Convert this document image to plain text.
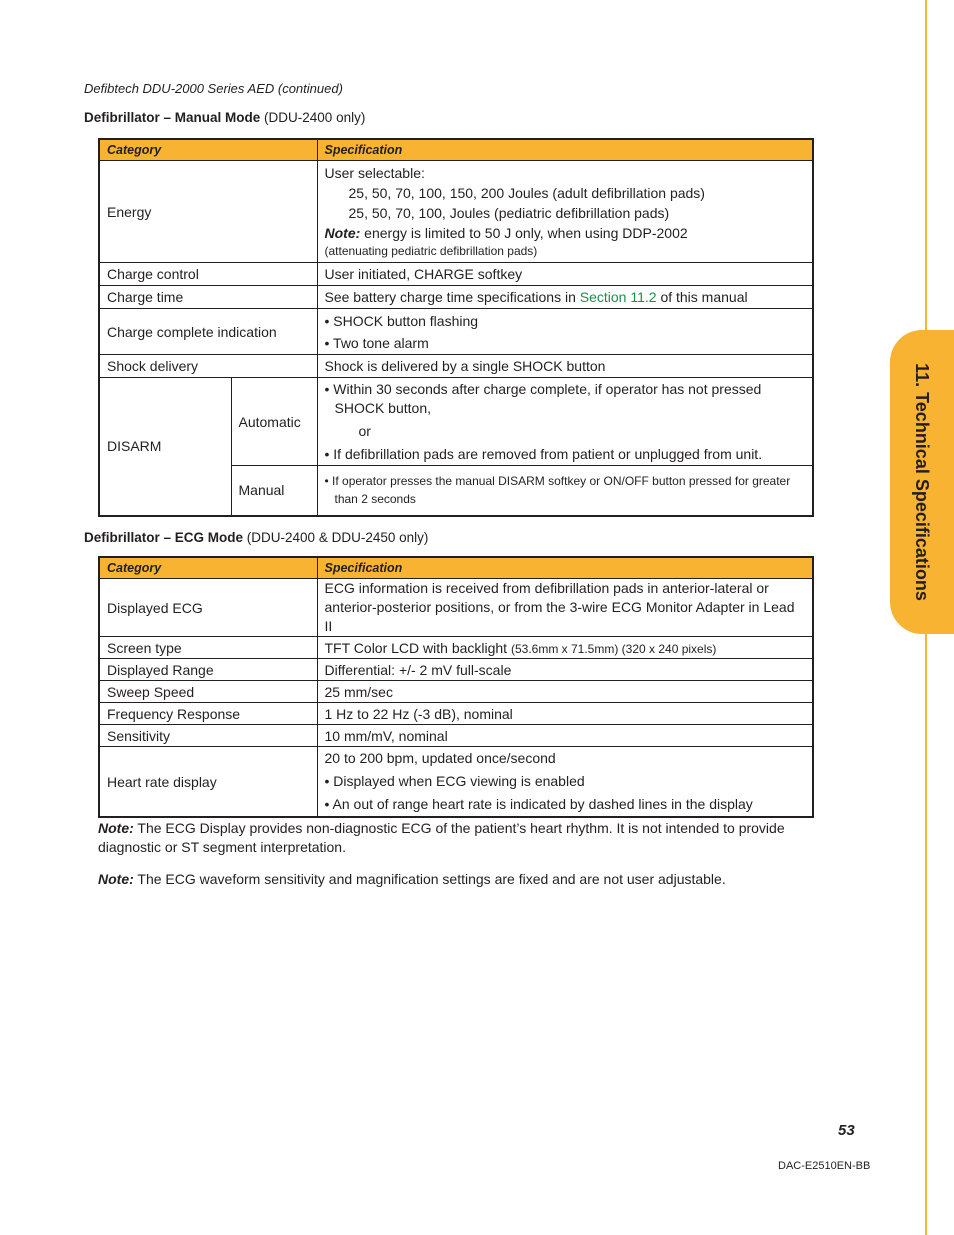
11. Technical Specifications
Defibtech DDU-2000 Series AED (continued)
Defibrillator – Manual Mode (DDU-2400 only)
Category		Specification
Energy		User selectable:
25, 50, 70, 100, 150, 200 Joules (adult defibrillation pads)
25, 50, 70, 100, Joules (pediatric defibrillation pads)
Note: energy is limited to 50 J only, when using DDP-2002
(attenuating pediatric defibrillation pads)

Charge control		User initiated, CHARGE softkey
Charge time		See battery charge time specifications in Section 11.2 of this manual
Charge complete indication		• SHOCK button flashing
• Two tone alarm

Shock delivery		Shock is delivered by a single SHOCK button
DISARM	Automatic	• Within 30 seconds after charge complete, if operator has not pressed SHOCK button,
or
• If defibrillation pads are removed from patient or unplugged from unit.

	Manual	• If operator presses the manual DISARM softkey or ON/OFF button pressed for greater than 2 seconds
Defibrillator – ECG Mode (DDU-2400 & DDU-2450 only)
Category	Specification
Displayed ECG	ECG information is received from defibrillation pads in anterior-lateral or
anterior-posterior positions, or from the 3-wire ECG Monitor Adapter in Lead II

Screen type	TFT Color LCD with backlight (53.6mm x 71.5mm) (320 x 240 pixels)
Displayed Range	Differential: +/- 2 mV full-scale
Sweep Speed	25 mm/sec
Frequency Response	1 Hz to 22 Hz (-3 dB), nominal
Sensitivity	10 mm/mV, nominal
Heart rate display	20 to 200 bpm, updated once/second
• Displayed when ECG viewing is enabled
• An out of range heart rate is indicated by dashed lines in the display
Note: The ECG Display provides non-diagnostic ECG of the patient’s heart rhythm. It is not intended to provide diagnostic or ST segment interpretation.
Note: The ECG waveform sensitivity and magnification settings are fixed and are not user adjustable.
53
DAC-E2510EN-BB
